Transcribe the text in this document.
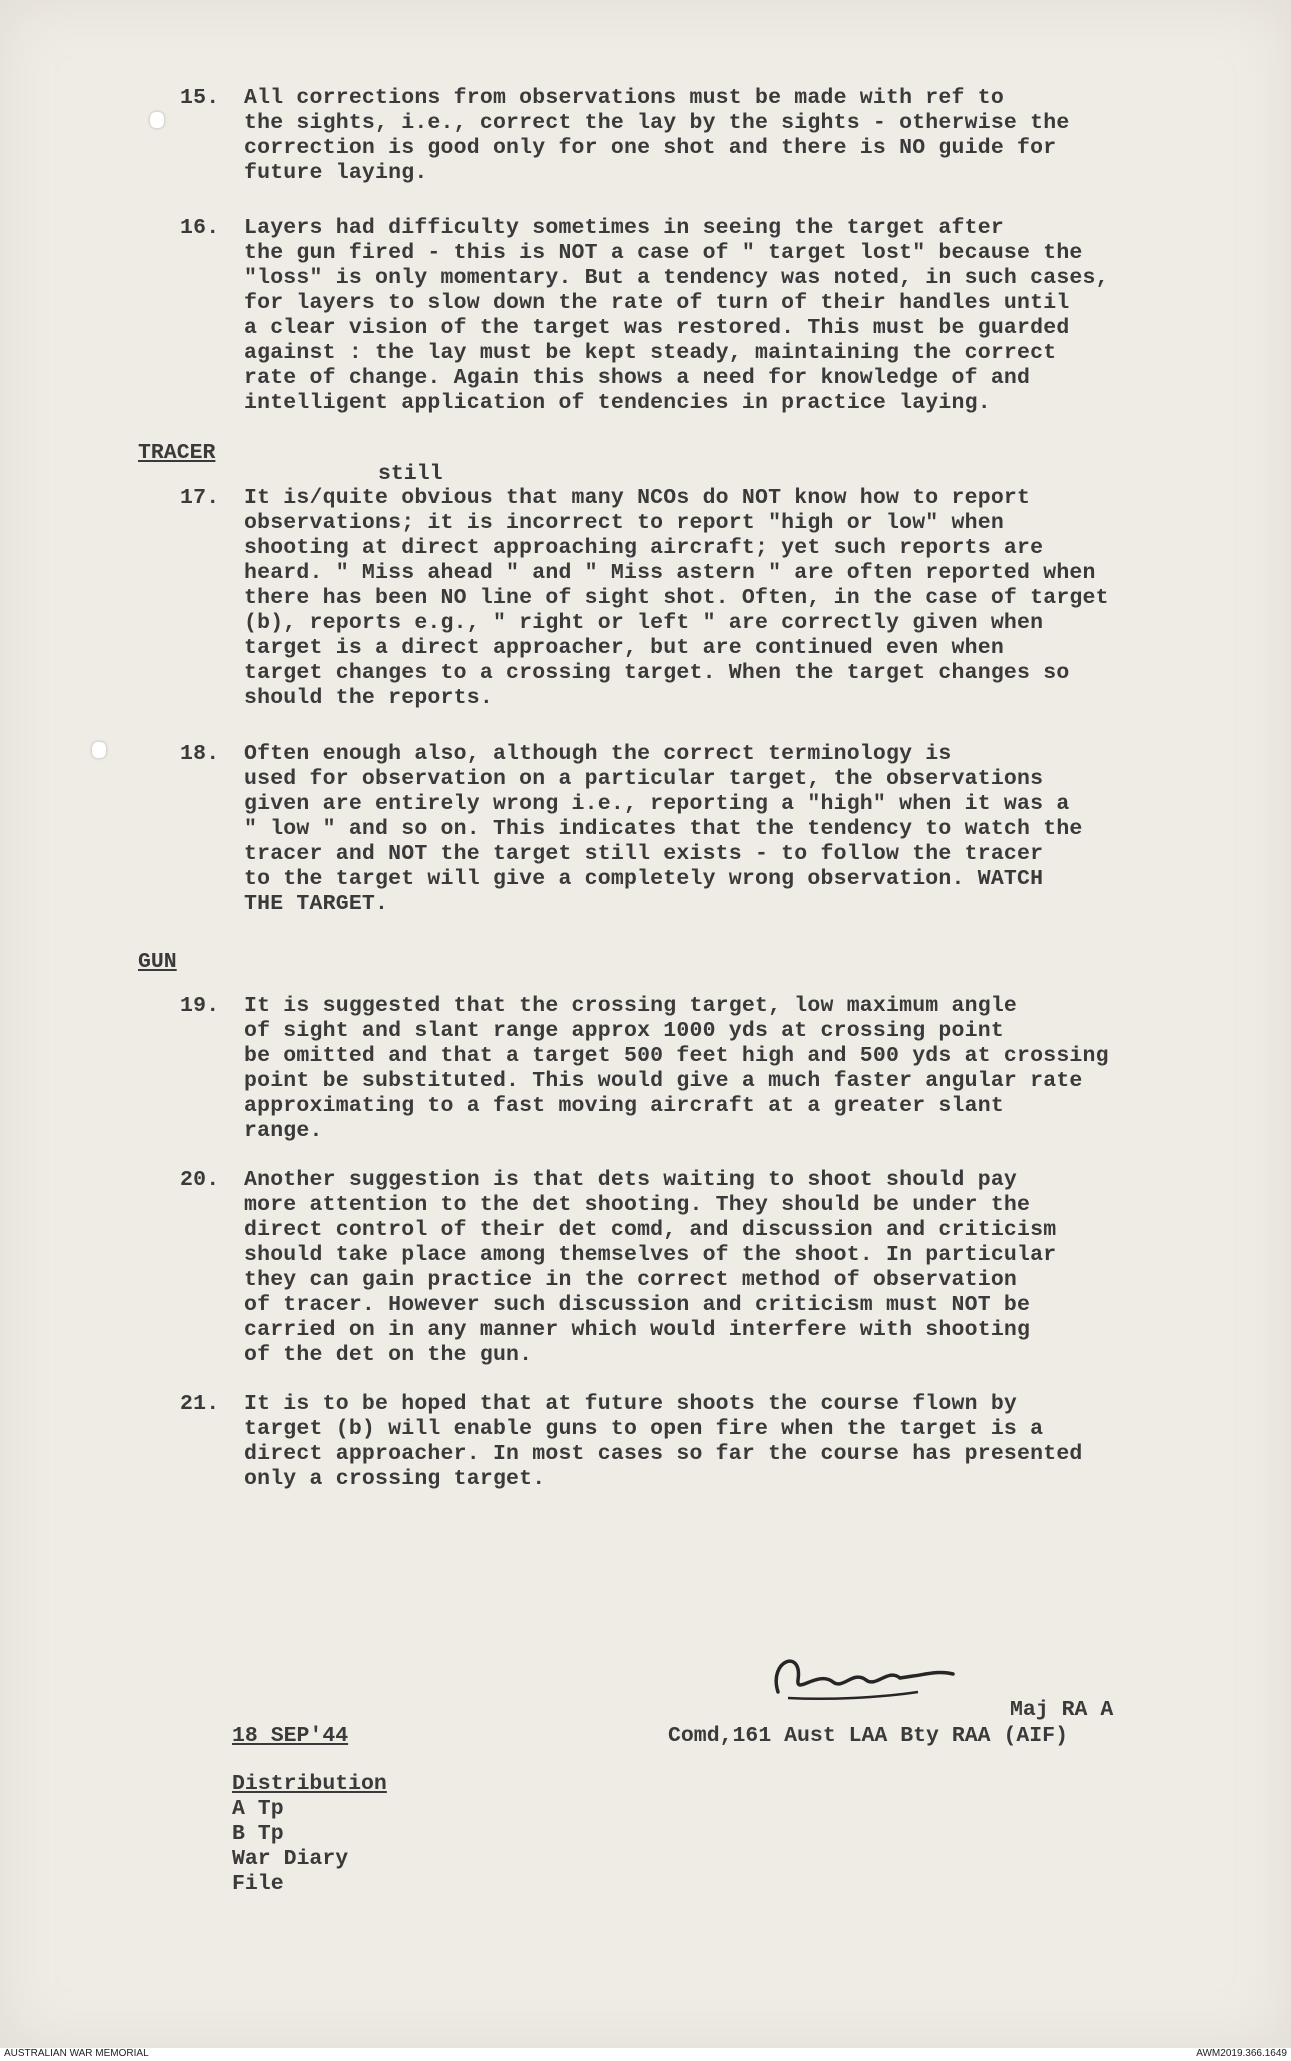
15. All corrections from observations must be made with ref to
the sights, i.e., correct the lay by the sights - otherwise the
correction is good only for one shot and there is NO guide for
future laying.
16. Layers had difficulty sometimes in seeing the target after
the gun fired - this is NOT a case of " target lost" because the
"loss" is only momentary. But a tendency was noted, in such cases,
for layers to slow down the rate of turn of their handles until
a clear vision of the target was restored. This must be guarded
against : the lay must be kept steady, maintaining the correct
rate of change. Again this shows a need for knowledge of and
intelligent application of tendencies in practice laying.
17. It is/quite obvious that many NCOs do NOT know how to report
observations; it is incorrect to report "high or low" when
shooting at direct approaching aircraft; yet such reports are
heard. " Miss ahead " and " Miss astern " are often reported when
there has been NO line of sight shot. Often, in the case of target
(b), reports e.g., " right or left " are correctly given when
target is a direct approacher, but are continued even when
target changes to a crossing target. When the target changes so
should the reports.
18. Often enough also, although the correct terminology is
used for observation on a particular target, the observations
given are entirely wrong i.e., reporting a "high" when it was a
" low " and so on. This indicates that the tendency to watch the
tracer and NOT the target still exists - to follow the tracer
to the target will give a completely wrong observation. WATCH
THE TARGET.
19. It is suggested that the crossing target, low maximum angle
of sight and slant range approx 1000 yds at crossing point
be omitted and that a target 500 feet high and 500 yds at crossing
point be substituted. This would give a much faster angular rate
approximating to a fast moving aircraft at a greater slant
range.
20. Another suggestion is that dets waiting to shoot should pay
more attention to the det shooting. They should be under the
direct control of their det comd, and discussion and criticism
should take place among themselves of the shoot. In particular
they can gain practice in the correct method of observation
of tracer. However such discussion and criticism must NOT be
carried on in any manner which would interfere with shooting
of the det on the gun.
21. It is to be hoped that at future shoots the course flown by
target (b) will enable guns to open fire when the target is a
direct approacher. In most cases so far the course has presented
only a crossing target.
TRACER
GUN
still
Maj RA A
Comd,161 Aust LAA Bty RAA (AIF)
18 SEP'44
Distribution
A Tp
B Tp
War Diary
File
AUSTRALIAN WAR MEMORIAL	AWM2019.366.1649
